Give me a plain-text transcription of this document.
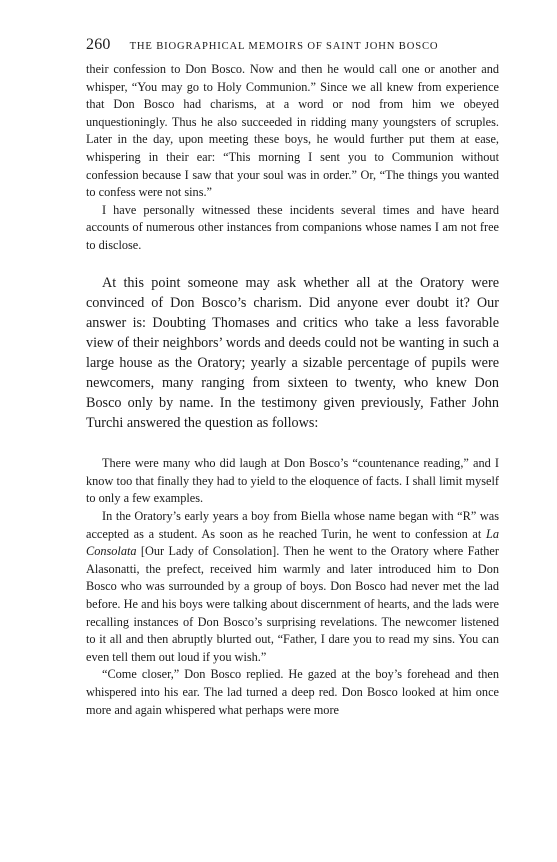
260 THE BIOGRAPHICAL MEMOIRS OF SAINT JOHN BOSCO

their confession to Don Bosco. Now and then he would call one or another and whisper, “You may go to Holy Communion.” Since we all knew from experience that Don Bosco had charisms, at a word or nod from him we obeyed unquestioningly. Thus he also succeeded in ridding many youngsters of scruples. Later in the day, upon meeting these boys, he would further put them at ease, whispering in their ear: “This morning I sent you to Communion without confession because I saw that your soul was in order.” Or, “The things you wanted to confess were not sins.”

I have personally witnessed these incidents several times and have heard accounts of numerous other instances from companions whose names I am not free to disclose.

At this point someone may ask whether all at the Oratory were convinced of Don Bosco’s charism. Did anyone ever doubt it? Our answer is: Doubting Thomases and critics who take a less favorable view of their neighbors’ words and deeds could not be wanting in such a large house as the Oratory; yearly a sizable percentage of pupils were newcomers, many ranging from sixteen to twenty, who knew Don Bosco only by name. In the testimony given previously, Father John Turchi answered the question as follows:

There were many who did laugh at Don Bosco’s “countenance reading,” and I know too that finally they had to yield to the eloquence of facts. I shall limit myself to only a few examples.

In the Oratory’s early years a boy from Biella whose name began with “R” was accepted as a student. As soon as he reached Turin, he went to confession at La Consolata [Our Lady of Consolation]. Then he went to the Oratory where Father Alasonatti, the prefect, received him warmly and later introduced him to Don Bosco who was surrounded by a group of boys. Don Bosco had never met the lad before. He and his boys were talking about discernment of hearts, and the lads were recalling instances of Don Bosco’s surprising revelations. The newcomer listened to it all and then abruptly blurted out, “Father, I dare you to read my sins. You can even tell them out loud if you wish.”

“Come closer,” Don Bosco replied. He gazed at the boy’s forehead and then whispered into his ear. The lad turned a deep red. Don Bosco looked at him once more and again whispered what perhaps were more
